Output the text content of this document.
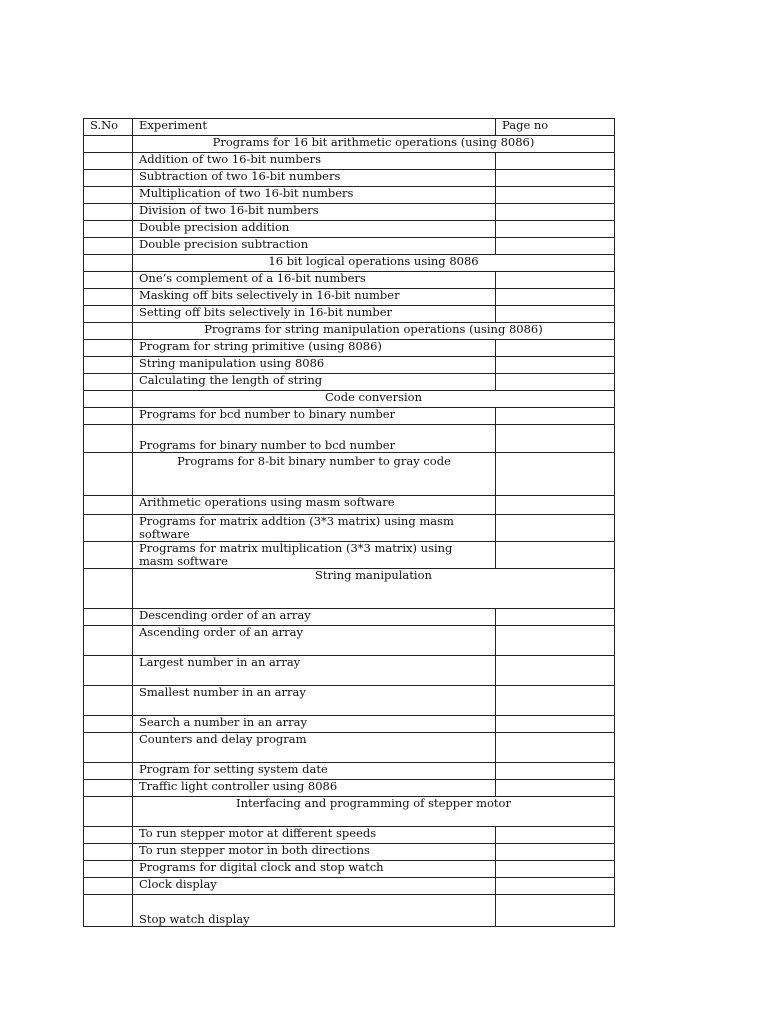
S.No	Experiment	Page no
	Programs for 16 bit arithmetic operations (using 8086)	
	Addition of two 16-bit numbers	
	Subtraction of two 16-bit numbers	
	Multiplication of two 16-bit numbers	
	Division of two 16-bit numbers	
	Double precision addition	
	Double precision subtraction	
	16 bit logical operations using 8086	
	One’s complement of a 16-bit numbers	
	Masking off bits selectively in 16-bit number	
	Setting off bits selectively in 16-bit number	
	Programs for string manipulation operations (using 8086)	
	Program for string primitive (using 8086)	
	String manipulation using 8086	
	Calculating the length of string	
	Code conversion	
	Programs for bcd number to binary number	
	Programs for binary number to bcd number	
	Programs for 8-bit binary number to gray code	
	Arithmetic operations using masm software	
	Programs for matrix addtion (3*3 matrix) using masm software	
	Programs for matrix multiplication (3*3 matrix) using masm software	
	String manipulation	
	Descending order of an array	
	Ascending order of an array	
	Largest number in an array	
	Smallest number in an array	
	Search a number in an array	
	Counters and delay program	
	Program for setting system date	
	Traffic light controller using 8086	
	Interfacing and programming of stepper motor	
	To run stepper motor at different speeds	
	To run stepper motor in both directions	
	Programs for digital clock and stop watch	
	Clock display	
	Stop watch display	
